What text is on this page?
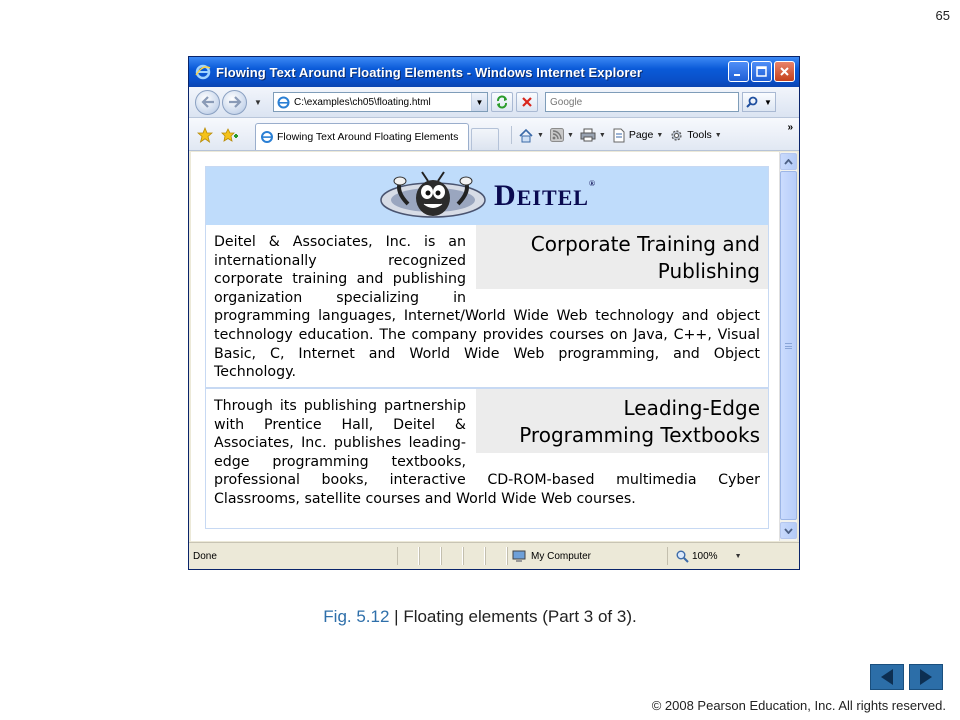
65
Flowing Text Around Floating Elements - Windows Internet Explorer
▼	C:\examples\ch05\floating.html	▼	Google	▼
Flowing Text Around Floating Elements	▼	▼	▼ Page ▼ Tools ▼
»
DEITEL®
Corporate Training and Publishing
Deitel & Associates, Inc. is an internationally recognized corporate training and publishing organization specializing in programming languages, Internet/World Wide Web technology and object technology education. The company provides courses on Java, C++, Visual Basic, C, Internet and World Wide Web programming, and Object Technology.
Leading-Edge Programming Textbooks
Through its publishing partnership with Prentice Hall, Deitel & Associates, Inc. publishes leading-edge programming textbooks, professional books, interactive CD-ROM-based multimedia Cyber Classrooms, satellite courses and World Wide Web courses.
Done	My Computer	100% ▼
Fig. 5.12 | Floating elements (Part 3 of 3).
© 2008 Pearson Education, Inc. All rights reserved.
